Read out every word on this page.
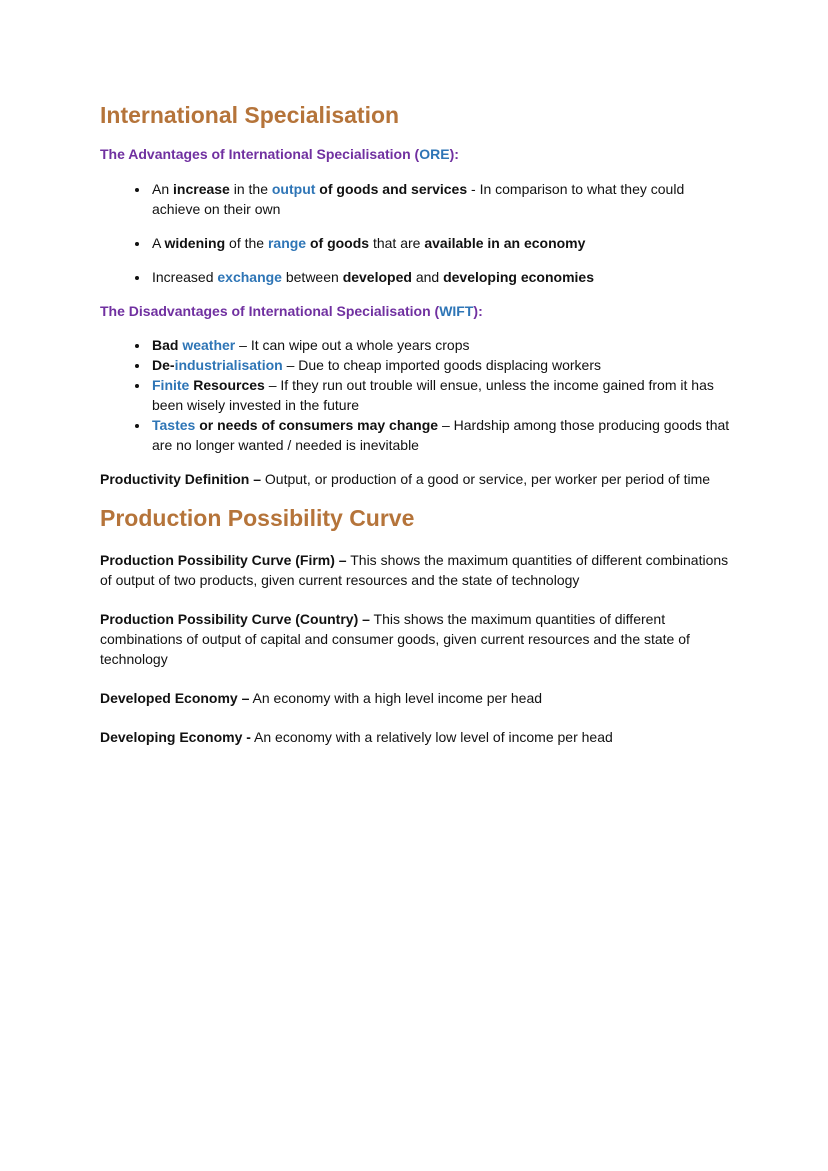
International Specialisation
The Advantages of International Specialisation (ORE):
• An increase in the output of goods and services - In comparison to what they could achieve on their own
• A widening of the range of goods that are available in an economy
• Increased exchange between developed and developing economies
The Disadvantages of International Specialisation (WIFT):
• Bad weather – It can wipe out a whole years crops
• De-industrialisation – Due to cheap imported goods displacing workers
• Finite Resources – If they run out trouble will ensue, unless the income gained from it has been wisely invested in the future
• Tastes or needs of consumers may change – Hardship among those producing goods that are no longer wanted / needed is inevitable

Productivity Definition – Output, or production of a good or service, per worker per period of time

Production Possibility Curve

Production Possibility Curve (Firm) – This shows the maximum quantities of different combinations of output of two products, given current resources and the state of technology

Production Possibility Curve (Country) – This shows the maximum quantities of different combinations of output of capital and consumer goods, given current resources and the state of technology

Developed Economy – An economy with a high level income per head

Developing Economy - An economy with a relatively low level of income per head
